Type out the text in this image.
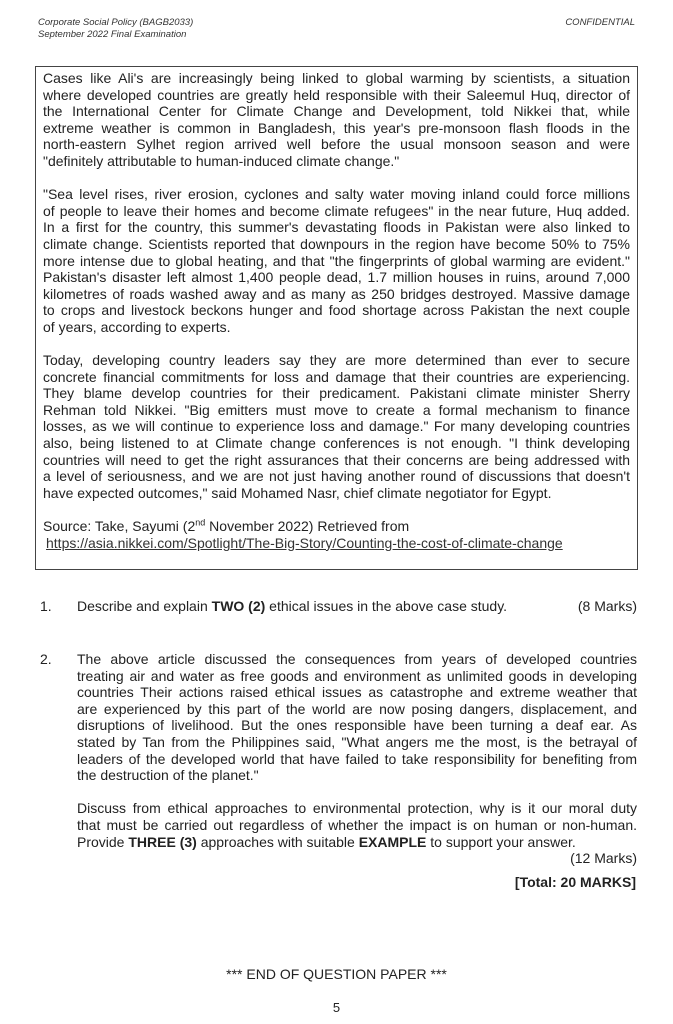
Corporate Social Policy (BAGB2033)
September 2022 Final Examination
CONFIDENTIAL
Cases like Ali's are increasingly being linked to global warming by scientists, a situation
where developed countries are greatly held responsible with their Saleemul Huq, director of
the International Center for Climate Change and Development, told Nikkei that, while
extreme weather is common in Bangladesh, this year's pre-monsoon flash floods in the
north-eastern Sylhet region arrived well before the usual monsoon season and were
"definitely attributable to human-induced climate change."
"Sea level rises, river erosion, cyclones and salty water moving inland could force millions
of people to leave their homes and become climate refugees" in the near future, Huq added.
In a first for the country, this summer's devastating floods in Pakistan were also linked to
climate change. Scientists reported that downpours in the region have become 50% to 75%
more intense due to global heating, and that "the fingerprints of global warming are evident."
Pakistan's disaster left almost 1,400 people dead, 1.7 million houses in ruins, around 7,000
kilometres of roads washed away and as many as 250 bridges destroyed. Massive damage
to crops and livestock beckons hunger and food shortage across Pakistan the next couple
of years, according to experts.
Today, developing country leaders say they are more determined than ever to secure
concrete financial commitments for loss and damage that their countries are experiencing.
They blame develop countries for their predicament. Pakistani climate minister Sherry
Rehman told Nikkei. "Big emitters must move to create a formal mechanism to finance
losses, as we will continue to experience loss and damage." For many developing countries
also, being listened to at Climate change conferences is not enough. "I think developing
countries will need to get the right assurances that their concerns are being addressed with
a level of seriousness, and we are not just having another round of discussions that doesn't
have expected outcomes," said Mohamed Nasr, chief climate negotiator for Egypt.
Source: Take, Sayumi (2nd November 2022) Retrieved from
https://asia.nikkei.com/Spotlight/The-Big-Story/Counting-the-cost-of-climate-change
1. Describe and explain TWO (2) ethical issues in the above case study.	(8 Marks)
2. The above article discussed the consequences from years of developed countries
treating air and water as free goods and environment as unlimited goods in developing
countries Their actions raised ethical issues as catastrophe and extreme weather that
are experienced by this part of the world are now posing dangers, displacement, and
disruptions of livelihood. But the ones responsible have been turning a deaf ear. As
stated by Tan from the Philippines said, "What angers me the most, is the betrayal of
leaders of the developed world that have failed to take responsibility for benefiting from
the destruction of the planet."
Discuss from ethical approaches to environmental protection, why is it our moral duty
that must be carried out regardless of whether the impact is on human or non-human.
Provide THREE (3) approaches with suitable EXAMPLE to support your answer.
(12 Marks)
[Total: 20 MARKS]
*** END OF QUESTION PAPER ***
5
